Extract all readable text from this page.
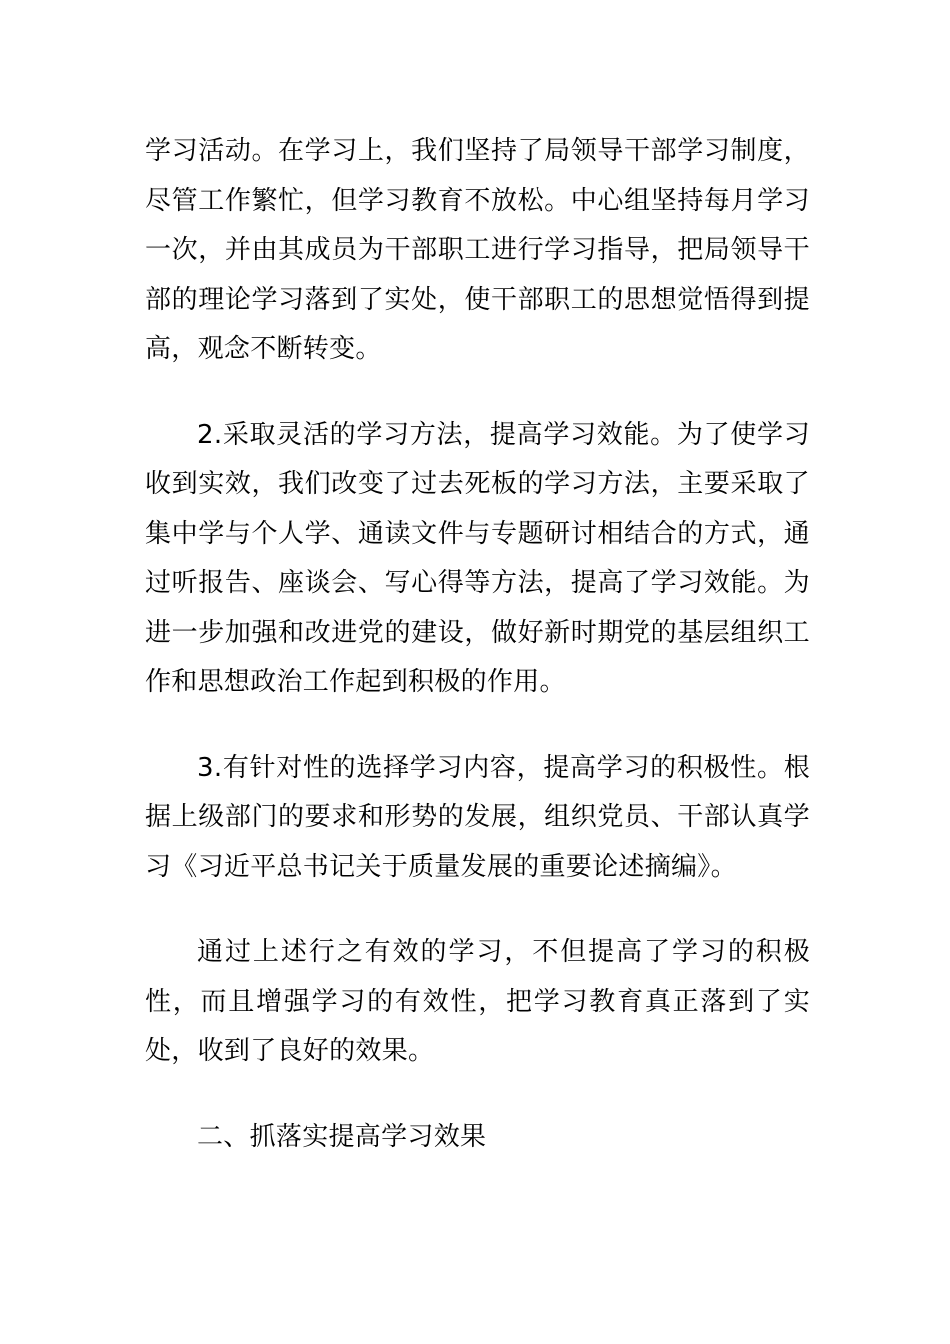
学习活动。在学习上，我们坚持了局领导干部学习制度，尽管工作繁忙，但学习教育不放松。中心组坚持每月学习一次，并由其成员为干部职工进行学习指导，把局领导干部的理论学习落到了实处，使干部职工的思想觉悟得到提高，观念不断转变。

2.采取灵活的学习方法，提高学习效能。为了使学习收到实效，我们改变了过去死板的学习方法，主要采取了集中学与个人学、通读文件与专题研讨相结合的方式，通过听报告、座谈会、写心得等方法，提高了学习效能。为进一步加强和改进党的建设，做好新时期党的基层组织工作和思想政治工作起到积极的作用。

3.有针对性的选择学习内容，提高学习的积极性。根据上级部门的要求和形势的发展，组织党员、干部认真学习《习近平总书记关于质量发展的重要论述摘编》。

通过上述行之有效的学习，不但提高了学习的积极性，而且增强学习的有效性，把学习教育真正落到了实处，收到了良好的效果。

二、抓落实提高学习效果
